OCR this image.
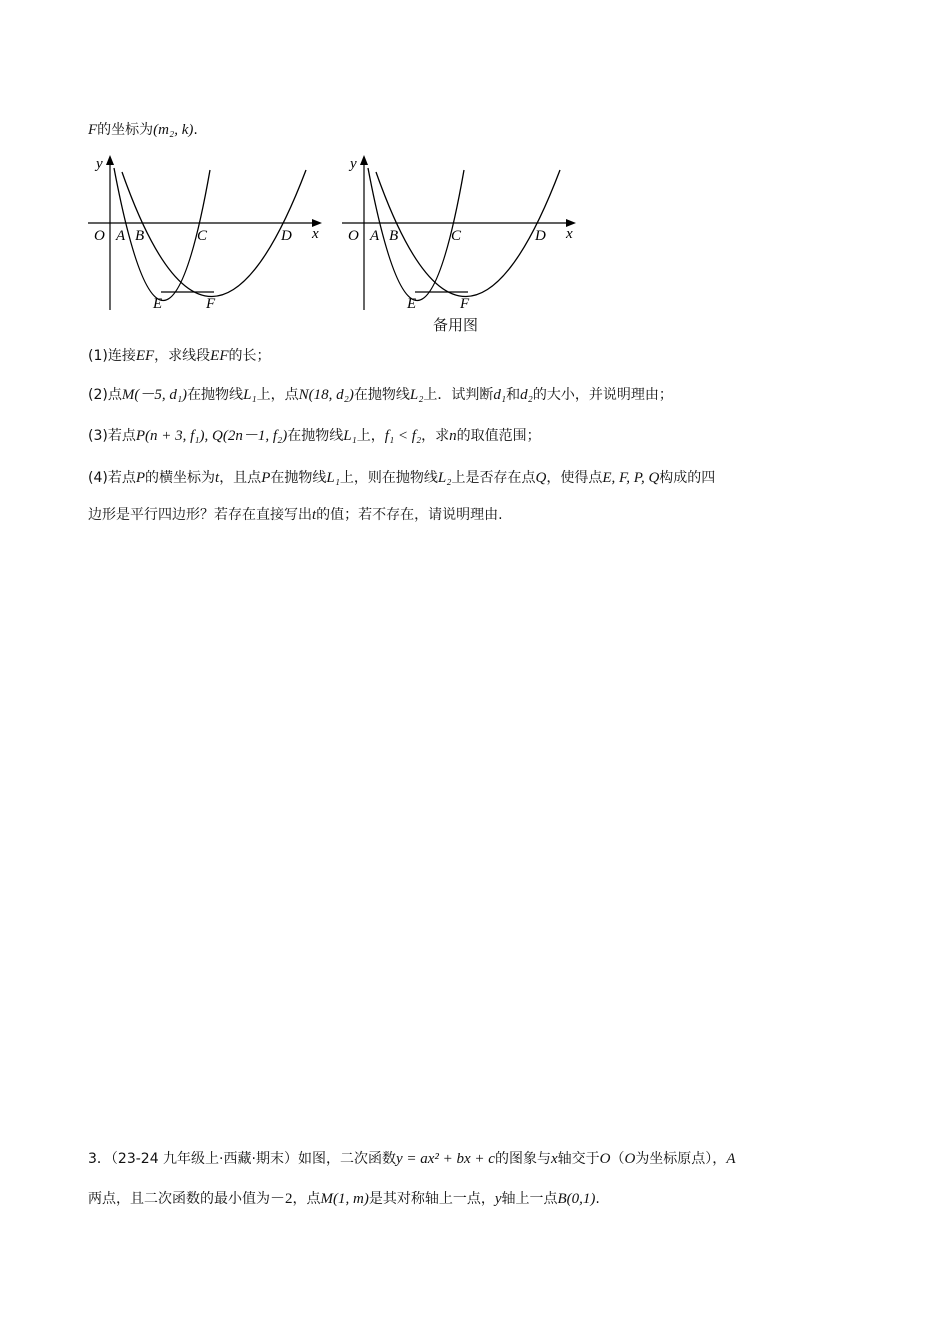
F的坐标为(m₂, k).
y
x
O A B	C	D
E	F
y
x
O A B	C	D
E	F
备用图
(1)连接EF，求线段EF的长；
(2)点M(－5, d₁)在抛物线L₁上，点N(18, d₂)在抛物线L₂上．试判断d₁和d₂的大小，并说明理由；
(3)若点P(n + 3, f₁), Q(2n－1, f₂)在抛物线L₁上，f₁ < f₂，求n的取值范围；
(4)若点P的横坐标为t，且点P在抛物线L₁上，则在抛物线L₂上是否存在点Q，使得点E, F, P, Q构成的四
边形是平行四边形？若存在直接写出t的值；若不存在，请说明理由.
3．（23-24 九年级上·西藏·期末）如图，二次函数y = ax² + bx + c的图象与x轴交于O（O为坐标原点），A
两点，且二次函数的最小值为－2，点M(1, m)是其对称轴上一点，y轴上一点B(0,1).
